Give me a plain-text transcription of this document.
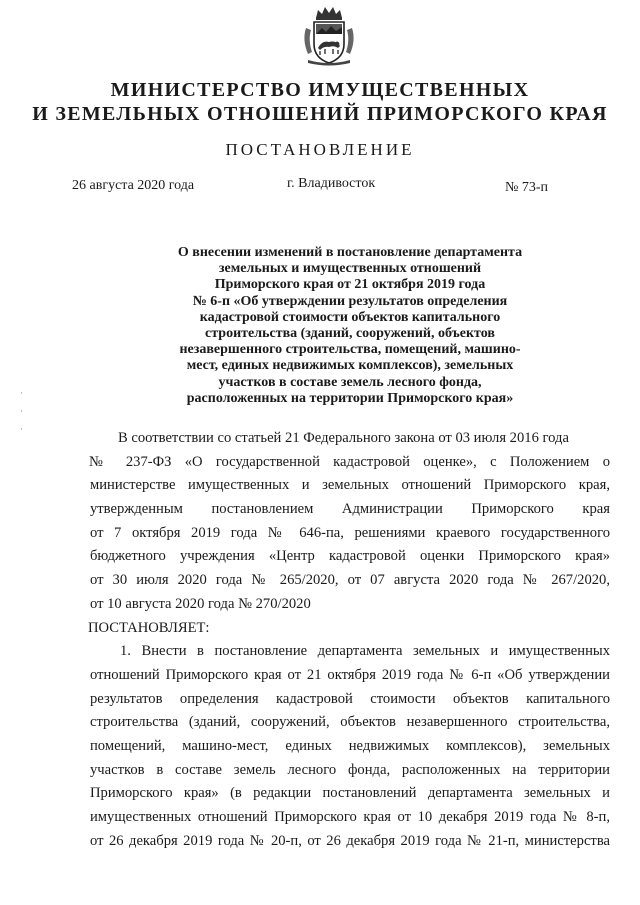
МИНИСТЕРСТВО ИМУЩЕСТВЕННЫХ
И ЗЕМЕЛЬНЫХ ОТНОШЕНИЙ ПРИМОРСКОГО КРАЯ
ПОСТАНОВЛЕНИЕ
26 августа 2020 года	г. Владивосток	№ 73-п
О внесении изменений в постановление департамента
земельных и имущественных отношений
Приморского края от 21 октября 2019 года
№ 6-п «Об утверждении результатов определения
кадастровой стоимости объектов капитального
строительства (зданий, сооружений, объектов
незавершенного строительства, помещений, машино-
мест, единых недвижимых комплексов), земельных
участков в составе земель лесного фонда,
расположенных на территории Приморского края»
В соответствии со статьей 21 Федерального закона от 03 июля 2016 года
№ 237-ФЗ «О государственной кадастровой оценке», с Положением о
министерстве имущественных и земельных отношений Приморского края,
утвержденным постановлением Администрации Приморского края
от 7 октября 2019 года № 646-па, решениями краевого государственного
бюджетного учреждения «Центр кадастровой оценки Приморского края»
от 30 июля 2020 года № 265/2020, от 07 августа 2020 года № 267/2020,
от 10 августа 2020 года № 270/2020
ПОСТАНОВЛЯЕТ:
1. Внести в постановление департамента земельных и имущественных
отношений Приморского края от 21 октября 2019 года № 6-п «Об утверждении
результатов определения кадастровой стоимости объектов капитального
строительства (зданий, сооружений, объектов незавершенного строительства,
помещений, машино-мест, единых недвижимых комплексов), земельных
участков в составе земель лесного фонда, расположенных на территории
Приморского края» (в редакции постановлений департамента земельных и
имущественных отношений Приморского края от 10 декабря 2019 года № 8-п,
от 26 декабря 2019 года № 20-п, от 26 декабря 2019 года № 21-п, министерства
·
·
·
